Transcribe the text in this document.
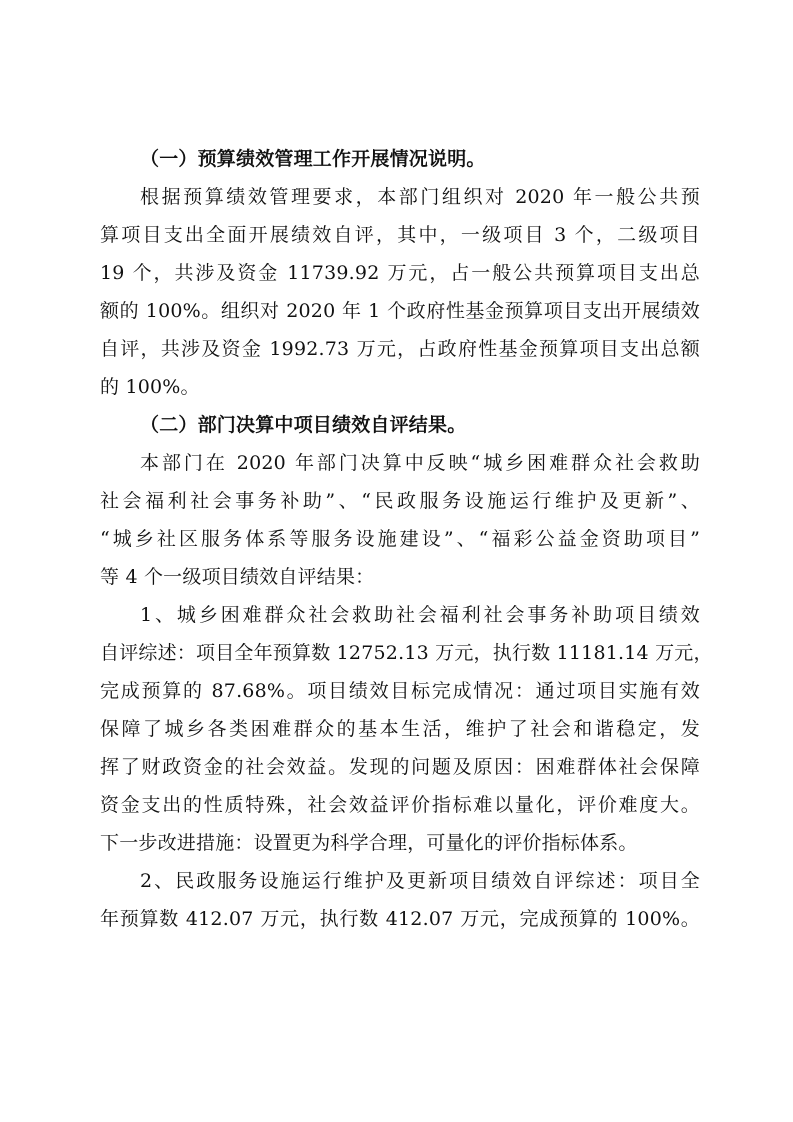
（一）预算绩效管理工作开展情况说明。
根据预算绩效管理要求，本部门组织对 2020 年一般公共预
算项目支出全面开展绩效自评，其中，一级项目 3 个，二级项目
19 个，共涉及资金 11739.92 万元，占一般公共预算项目支出总
额的 100%。组织对 2020 年 1 个政府性基金预算项目支出开展绩效
自评，共涉及资金 1992.73 万元，占政府性基金预算项目支出总额
的 100%。
（二）部门决算中项目绩效自评结果。
本部门在 2020 年部门决算中反映“城乡困难群众社会救助
社会福利社会事务补助”、“民政服务设施运行维护及更新”、
“城乡社区服务体系等服务设施建设”、“福彩公益金资助项目”
等 4 个一级项目绩效自评结果：
1、城乡困难群众社会救助社会福利社会事务补助项目绩效
自评综述：项目全年预算数 12752.13 万元，执行数 11181.14 万元，
完成预算的 87.68%。项目绩效目标完成情况：通过项目实施有效
保障了城乡各类困难群众的基本生活，维护了社会和谐稳定，发
挥了财政资金的社会效益。发现的问题及原因：困难群体社会保障
资金支出的性质特殊，社会效益评价指标难以量化，评价难度大。
下一步改进措施：设置更为科学合理，可量化的评价指标体系。
2、民政服务设施运行维护及更新项目绩效自评综述：项目全
年预算数 412.07 万元，执行数 412.07 万元，完成预算的 100%。
